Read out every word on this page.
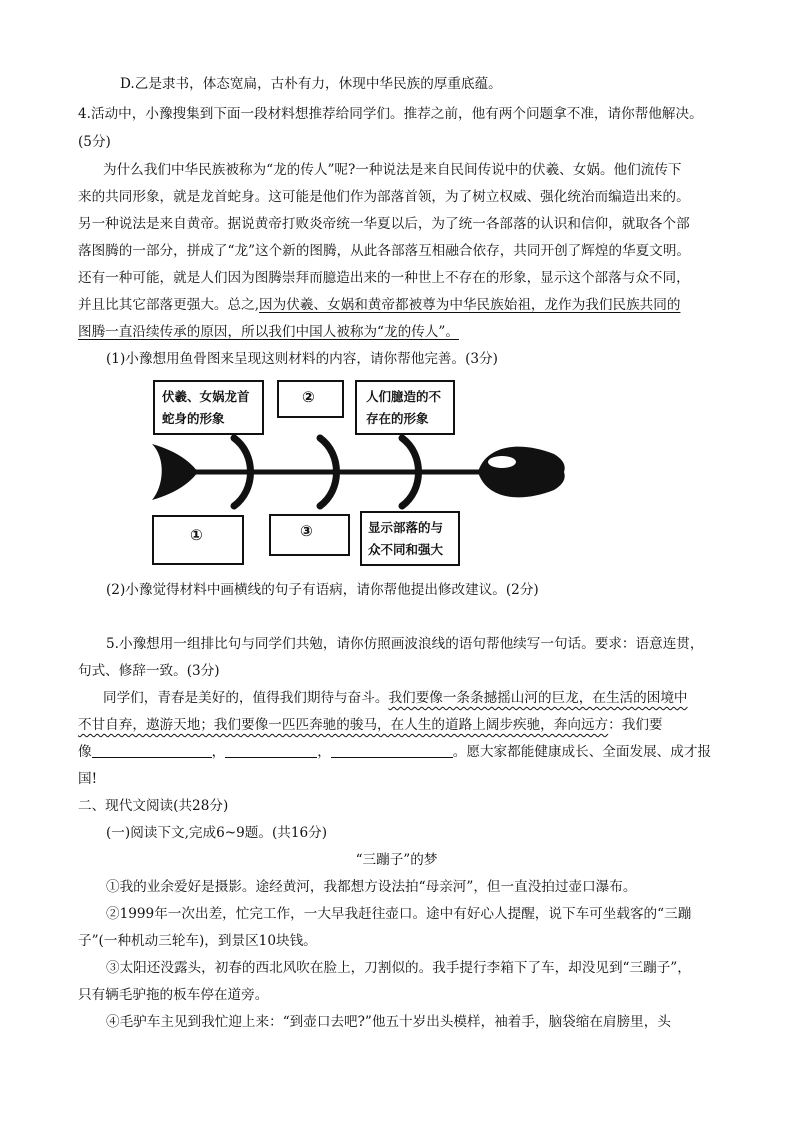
D.乙是隶书，体态宽扁，古朴有力，休现中华民族的厚重底蕴。
4.活动中，小豫搜集到下面一段材料想推荐给同学们。推荐之前，他有两个问题拿不准，请你帮他解决。
(5分)
为什么我们中华民族被称为“龙的传人”呢?一种说法是来自民间传说中的伏羲、女娲。他们流传下
来的共同形象，就是龙首蛇身。这可能是他们作为部落首领，为了树立权威、强化统治而编造出来的。
另一种说法是来自黄帝。据说黄帝打败炎帝统一华夏以后，为了统一各部落的认识和信仰，就取各个部
落图腾的一部分，拼成了“龙”这个新的图腾，从此各部落互相融合依存，共同开创了辉煌的华夏文明。
还有一种可能，就是人们因为图腾崇拜而臆造出来的一种世上不存在的形象，显示这个部落与众不同，
并且比其它部落更强大。总之,因为伏羲、女娲和黄帝都被尊为中华民族始祖，龙作为我们民族共同的
图腾一直沿续传承的原因，所以我们中国人被称为“龙的传人”。
(1)小豫想用鱼骨图来呈现这则材料的内容，请你帮他完善。(3分)
伏羲、女娲龙首
蛇身的形象
②	人们臆造的不
存在的形象
①	③	显示部落的与
众不同和强大
(2)小豫觉得材料中画横线的句子有语病，请你帮他提出修改建议。(2分)
5.小豫想用一组排比句与同学们共勉，请你仿照画波浪线的语句帮他续写一句话。要求：语意连贯，
句式、修辞一致。(3分)
同学们，青春是美好的，值得我们期待与奋斗。我们要像一条条撼摇山河的巨龙，在生活的困境中
不甘自弃，遨游天地；我们要像一匹匹奔驰的骏马，在人生的道路上阔步疾驰，奔向远方：我们要
像	，	，	。愿大家都能健康成长、全面发展、成才报
国!
二、现代文阅读(共28分)
(一)阅读下文,完成6~9题。(共16分)
“三蹦子”的梦
①我的业余爱好是摄影。途经黄河，我都想方设法拍“母亲河”，但一直没拍过壶口瀑布。
②1999年一次出差，忙完工作，一大早我赶往壶口。途中有好心人提醒，说下车可坐载客的“三蹦
子”(一种机动三轮车)，到景区10块钱。
③太阳还没露头，初春的西北风吹在脸上，刀割似的。我手提行李箱下了车，却没见到“三蹦子”，
只有辆毛驴拖的板车停在道旁。
④毛驴车主见到我忙迎上来：“到壶口去吧?”他五十岁出头模样，袖着手，脑袋缩在肩膀里，头
